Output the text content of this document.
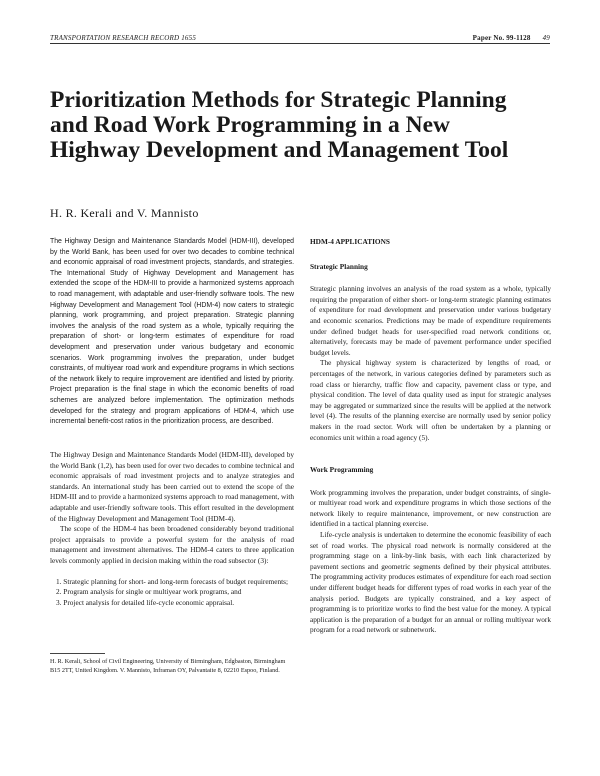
TRANSPORTATION RESEARCH RECORD 1655	Paper No. 99-1128 49
Prioritization Methods for Strategic Planning and Road Work Programming in a New Highway Development and Management Tool
H. R. Kerali and V. Mannisto
The Highway Design and Maintenance Standards Model (HDM-III), developed by the World Bank, has been used for over two decades to combine technical and economic appraisal of road investment projects, standards, and strategies. The International Study of Highway Development and Management has extended the scope of the HDM-III to provide a harmonized systems approach to road management, with adaptable and user-friendly software tools. The new Highway Development and Management Tool (HDM-4) now caters to strategic planning, work programming, and project preparation. Strategic planning involves the analysis of the road system as a whole, typically requiring the preparation of short- or long-term estimates of expenditure for road development and preservation under various budgetary and economic scenarios. Work programming involves the preparation, under budget constraints, of multiyear road work and expenditure programs in which sections of the network likely to require improvement are identified and listed by priority. Project preparation is the final stage in which the economic benefits of road schemes are analyzed before implementation. The optimization methods developed for the strategy and program applications of HDM-4, which use incremental benefit-cost ratios in the prioritization process, are described.

The Highway Design and Maintenance Standards Model (HDM-III), developed by the World Bank (1,2), has been used for over two decades to combine technical and economic appraisals of road investment projects and to analyze strategies and standards. An international study has been carried out to extend the scope of the HDM-III and to provide a harmonized systems approach to road management, with adaptable and user-friendly software tools. This effort resulted in the development of the Highway Development and Management Tool (HDM-4).

The scope of the HDM-4 has been broadened considerably beyond traditional project appraisals to provide a powerful system for the analysis of road management and investment alternatives. The HDM-4 caters to three application levels commonly applied in decision making within the road subsector (3):

1. Strategic planning for short- and long-term forecasts of budget requirements;
2. Program analysis for single or multiyear work programs, and
3. Project analysis for detailed life-cycle economic appraisal.
H. R. Kerali, School of Civil Engineering, University of Birmingham, Edgbaston, Birmingham B15 2TT, United Kingdom. V. Mannisto, Inframan OY, Palvantaite 8, 02210 Espoo, Finland.
HDM-4 APPLICATIONS
Strategic Planning

Strategic planning involves an analysis of the road system as a whole, typically requiring the preparation of either short- or long-term strategic planning estimates of expenditure for road development and preservation under various budgetary and economic scenarios. Predictions may be made of expenditure requirements under defined budget heads for user-specified road network conditions or, alternatively, forecasts may be made of pavement performance under specified budget levels.

The physical highway system is characterized by lengths of road, or percentages of the network, in various categories defined by parameters such as road class or hierarchy, traffic flow and capacity, pavement class or type, and physical condition. The level of data quality used as input for strategic analyses may be aggregated or summarized since the results will be applied at the network level (4). The results of the planning exercise are normally used by senior policy makers in the road sector. Work will often be undertaken by a planning or economics unit within a road agency (5).

Work Programming

Work programming involves the preparation, under budget constraints, of single- or multiyear road work and expenditure programs in which those sections of the network likely to require maintenance, improvement, or new construction are identified in a tactical planning exercise.

Life-cycle analysis is undertaken to determine the economic feasibility of each set of road works. The physical road network is normally considered at the programming stage on a link-by-link basis, with each link characterized by pavement sections and geometric segments defined by their physical attributes. The programming activity produces estimates of expenditure for each road section under different budget heads for different types of road works in each year of the analysis period. Budgets are typically constrained, and a key aspect of programming is to prioritize works to find the best value for the money. A typical application is the preparation of a budget for an annual or rolling multiyear work program for a road network or subnetwork.
